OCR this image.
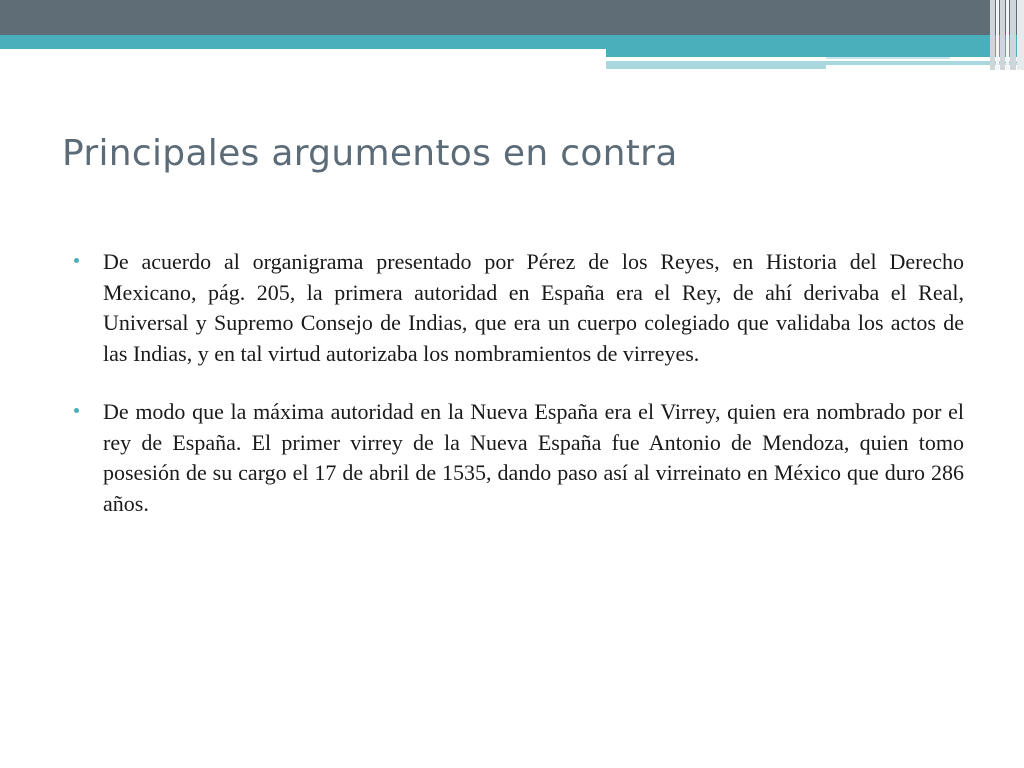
Principales argumentos en contra
De acuerdo al organigrama presentado por Pérez de los Reyes, en Historia del Derecho Mexicano, pág. 205, la primera autoridad en España era el Rey, de ahí derivaba el Real, Universal y Supremo Consejo de Indias, que era un cuerpo colegiado que validaba los actos de las Indias, y en tal virtud autorizaba los nombramientos de virreyes.
De modo que la máxima autoridad en la Nueva España era el Virrey, quien era nombrado por el rey de España. El primer virrey de la Nueva España fue Antonio de Mendoza, quien tomo posesión de su cargo el 17 de abril de 1535, dando paso así al virreinato en México que duro 286 años.
